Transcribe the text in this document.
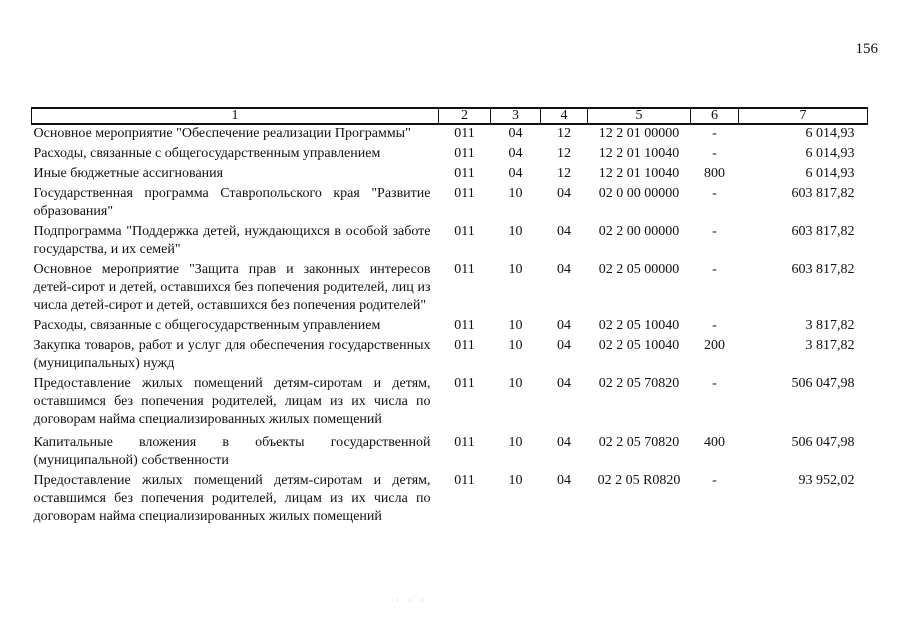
156
1	2	3	4	5	6	7
Основное мероприятие "Обеспечение реализации Программы"	011	04	12	12 2 01 00000	-	6 014,93
Расходы, связанные с общегосударственным управлением	011	04	12	12 2 01 10040	-	6 014,93
Иные бюджетные ассигнования	011	04	12	12 2 01 10040	800	6 014,93
Государственная программа Ставропольского края "Развитие образования"	011	10	04	02 0 00 00000	-	603 817,82
Подпрограмма "Поддержка детей, нуждающихся в особой заботе государства, и их семей"	011	10	04	02 2 00 00000	-	603 817,82
Основное мероприятие "Защита прав и законных интересов детей-сирот и детей, оставшихся без попечения родителей, лиц из числа детей-сирот и детей, оставшихся без попечения родителей"	011	10	04	02 2 05 00000	-	603 817,82
Расходы, связанные с общегосударственным управлением	011	10	04	02 2 05 10040	-	3 817,82
Закупка товаров, работ и услуг для обеспечения государственных (муниципальных) нужд	011	10	04	02 2 05 10040	200	3 817,82
Предоставление жилых помещений детям-сиротам и детям, оставшимся без попечения родителей, лицам из их числа по договорам найма специализированных жилых помещений	011	10	04	02 2 05 70820	-	506 047,98
Капитальные вложения в объекты государственной (муниципальной) собственности	011	10	04	02 2 05 70820	400	506 047,98
Предоставление жилых помещений детям-сиротам и детям, оставшимся без попечения родителей, лицам из их числа по договорам найма специализированных жилых помещений	011	10	04	02 2 05 R0820	-	93 952,02
· · ·
